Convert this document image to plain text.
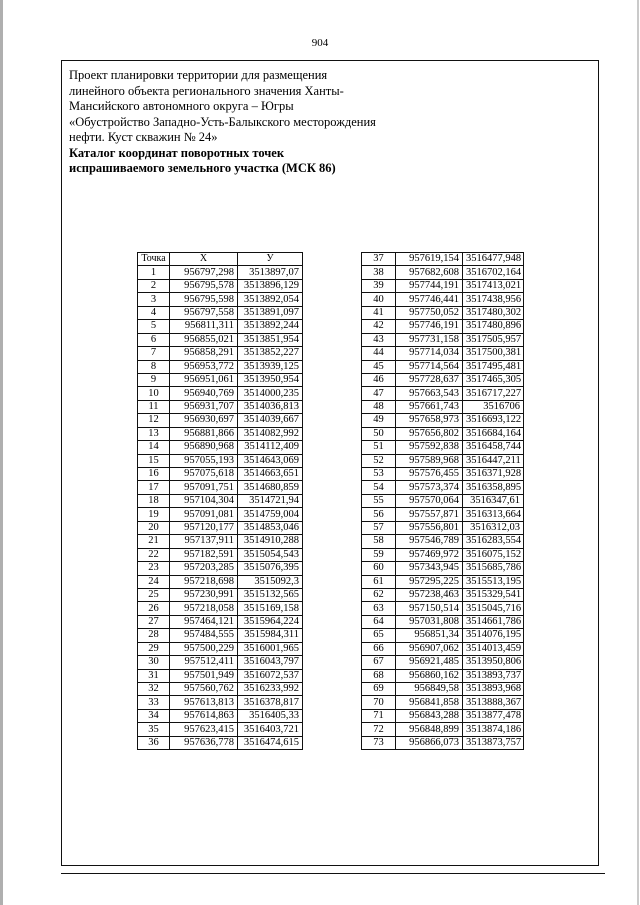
904
Проект планировки территории для размещения
линейного объекта регионального значения Ханты-
Мансийского автономного округа – Югры
«Обустройство Западно-Усть-Балыкского месторождения
нефти. Куст скважин № 24»
Каталог координат поворотных точек
испрашиваемого земельного участка (МСК 86)
Точка	X	У
1	956797,298	3513897,07
2	956795,578	3513896,129
3	956795,598	3513892,054
4	956797,558	3513891,097
5	956811,311	3513892,244
6	956855,021	3513851,954
7	956858,291	3513852,227
8	956953,772	3513939,125
9	956951,061	3513950,954
10	956940,769	3514000,235
11	956931,707	3514036,813
12	956930,697	3514039,667
13	956881,866	3514082,992
14	956890,968	3514112,409
15	957055,193	3514643,069
16	957075,618	3514663,651
17	957091,751	3514680,859
18	957104,304	3514721,94
19	957091,081	3514759,004
20	957120,177	3514853,046
21	957137,911	3514910,288
22	957182,591	3515054,543
23	957203,285	3515076,395
24	957218,698	3515092,3
25	957230,991	3515132,565
26	957218,058	3515169,158
27	957464,121	3515964,224
28	957484,555	3515984,311
29	957500,229	3516001,965
30	957512,411	3516043,797
31	957501,949	3516072,537
32	957560,762	3516233,992
33	957613,813	3516378,817
34	957614,863	3516405,33
35	957623,415	3516403,721
36	957636,778	3516474,615
37	957619,154	3516477,948
38	957682,608	3516702,164
39	957744,191	3517413,021
40	957746,441	3517438,956
41	957750,052	3517480,302
42	957746,191	3517480,896
43	957731,158	3517505,957
44	957714,034	3517500,381
45	957714,564	3517495,481
46	957728,637	3517465,305
47	957663,543	3516717,227
48	957661,743	3516706
49	957658,973	3516693,122
50	957656,802	3516684,164
51	957592,838	3516458,744
52	957589,968	3516447,211
53	957576,455	3516371,928
54	957573,374	3516358,895
55	957570,064	3516347,61
56	957557,871	3516313,664
57	957556,801	3516312,03
58	957546,789	3516283,554
59	957469,972	3516075,152
60	957343,945	3515685,786
61	957295,225	3515513,195
62	957238,463	3515329,541
63	957150,514	3515045,716
64	957031,808	3514661,786
65	956851,34	3514076,195
66	956907,062	3514013,459
67	956921,485	3513950,806
68	956860,162	3513893,737
69	956849,58	3513893,968
70	956841,858	3513888,367
71	956843,288	3513877,478
72	956848,899	3513874,186
73	956866,073	3513873,757
